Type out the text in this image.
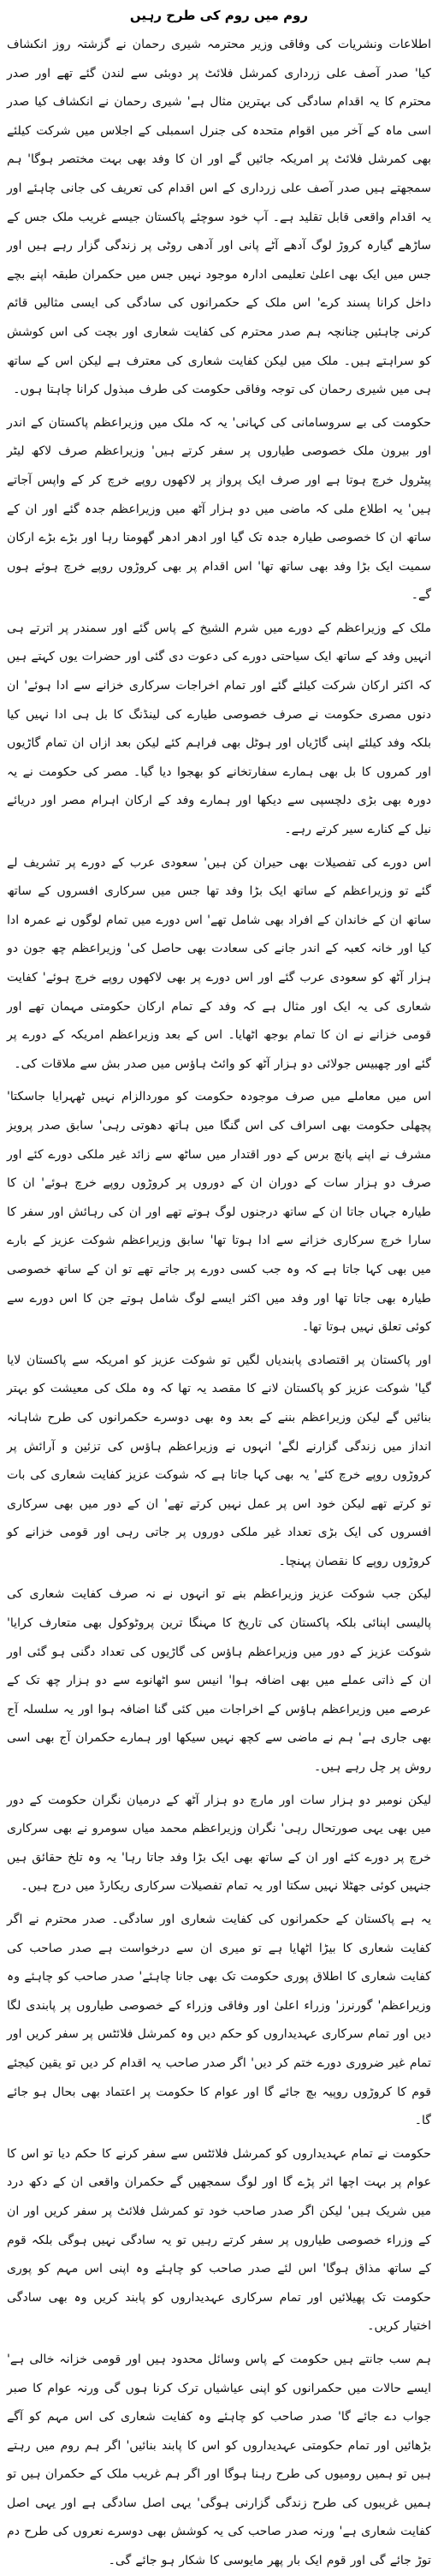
روم میں روم کی طرح رہیں

اطلاعات ونشریات کی وفاقی وزیر محترمہ شیری رحمان نے گزشتہ روز انکشاف کیا' صدر آصف علی زرداری کمرشل فلائٹ پر دوبئی سے لندن گئے تھے اور صدر محترم کا یہ اقدام سادگی کی بہترین مثال ہے' شیری رحمان نے انکشاف کیا صدر اسی ماہ کے آخر میں اقوام متحدہ کی جنرل اسمبلی کے اجلاس میں شرکت کیلئے بھی کمرشل فلائٹ پر امریکہ جائیں گے اور ان کا وفد بھی بہت مختصر ہوگا' ہم سمجھتے ہیں صدر آصف علی زرداری کے اس اقدام کی تعریف کی جانی چاہئے اور یہ اقدام واقعی قابل تقلید ہے۔ آپ خود سوچئے پاکستان جیسے غریب ملک جس کے ساڑھے گیارہ کروڑ لوگ آدھے آٹے پانی اور آدھی روٹی پر زندگی گزار رہے ہیں اور جس میں ایک بھی اعلیٰ تعلیمی ادارہ موجود نہیں جس میں حکمران طبقہ اپنے بچے داخل کرانا پسند کرے' اس ملک کے حکمرانوں کی سادگی کی ایسی مثالیں قائم کرنی چاہئیں چنانچہ ہم صدر محترم کی کفایت شعاری اور بچت کی اس کوشش کو سراہتے ہیں۔ ملک میں لیکن کفایت شعاری کی معترف ہے لیکن اس کے ساتھ ہی میں شیری رحمان کی توجہ وفاقی حکومت کی طرف مبذول کرانا چاہتا ہوں۔

حکومت کی بے سروسامانی کی کہانی' یہ کہ ملک میں وزیراعظم پاکستان کے اندر اور بیرون ملک خصوصی طیاروں پر سفر کرتے ہیں' وزیراعظم صرف لاکھ لیٹر پیٹرول خرچ ہوتا ہے اور صرف ایک پرواز پر لاکھوں روپے خرچ کر کے واپس آجاتے ہیں' یہ اطلاع ملی کہ ماضی میں دو ہزار آٹھ میں وزیراعظم جدہ گئے اور ان کے ساتھ ان کا خصوصی طیارہ جدہ تک گیا اور ادھر ادھر گھومتا رہا اور بڑے بڑے ارکان سمیت ایک بڑا وفد بھی ساتھ تھا' اس اقدام پر بھی کروڑوں روپے خرچ ہوئے ہوں گے۔

ملک کے وزیراعظم کے دورے میں شرم الشیخ کے پاس گئے اور سمندر پر اترتے ہی انہیں وفد کے ساتھ ایک سیاحتی دورے کی دعوت دی گئی اور حضرات یوں کہتے ہیں کہ اکثر ارکان شرکت کیلئے گئے اور تمام اخراجات سرکاری خزانے سے ادا ہوئے' ان دنوں مصری حکومت نے صرف خصوصی طیارے کی لینڈنگ کا بل ہی ادا نہیں کیا بلکہ وفد کیلئے اپنی گاڑیاں اور ہوٹل بھی فراہم کئے لیکن بعد ازاں ان تمام گاڑیوں اور کمروں کا بل بھی ہمارے سفارتخانے کو بھجوا دیا گیا۔ مصر کی حکومت نے یہ دورہ بھی بڑی دلچسپی سے دیکھا اور ہمارے وفد کے ارکان اہرام مصر اور دریائے نیل کے کنارے سیر کرتے رہے۔

اس دورے کی تفصیلات بھی حیران کن ہیں' سعودی عرب کے دورے پر تشریف لے گئے تو وزیراعظم کے ساتھ ایک بڑا وفد تھا جس میں سرکاری افسروں کے ساتھ ساتھ ان کے خاندان کے افراد بھی شامل تھے' اس دورے میں تمام لوگوں نے عمرہ ادا کیا اور خانہ کعبہ کے اندر جانے کی سعادت بھی حاصل کی' وزیراعظم چھ جون دو ہزار آٹھ کو سعودی عرب گئے اور اس دورے پر بھی لاکھوں روپے خرچ ہوئے' کفایت شعاری کی یہ ایک اور مثال ہے کہ وفد کے تمام ارکان حکومتی مہمان تھے اور قومی خزانے نے ان کا تمام بوجھ اٹھایا۔ اس کے بعد وزیراعظم امریکہ کے دورے پر گئے اور چھبیس جولائی دو ہزار آٹھ کو وائٹ ہاؤس میں صدر بش سے ملاقات کی۔

اس میں معاملے میں صرف موجودہ حکومت کو موردالزام نہیں ٹھہرایا جاسکتا' پچھلی حکومت بھی اسراف کی اس گنگا میں ہاتھ دھوتی رہی' سابق صدر پرویز مشرف نے اپنے پانچ برس کے دور اقتدار میں ساٹھ سے زائد غیر ملکی دورے کئے اور صرف دو ہزار سات کے دوران ان کے دوروں پر کروڑوں روپے خرچ ہوئے' ان کا طیارہ جہاں جاتا ان کے ساتھ درجنوں لوگ ہوتے تھے اور ان کی رہائش اور سفر کا سارا خرچ سرکاری خزانے سے ادا ہوتا تھا' سابق وزیراعظم شوکت عزیز کے بارے میں بھی کہا جاتا ہے کہ وہ جب کسی دورے پر جاتے تھے تو ان کے ساتھ خصوصی طیارہ بھی جاتا تھا اور وفد میں اکثر ایسے لوگ شامل ہوتے جن کا اس دورے سے کوئی تعلق نہیں ہوتا تھا۔

اور پاکستان پر اقتصادی پابندیاں لگیں تو شوکت عزیز کو امریکہ سے پاکستان لایا گیا' شوکت عزیز کو پاکستان لانے کا مقصد یہ تھا کہ وہ ملک کی معیشت کو بہتر بنائیں گے لیکن وزیراعظم بننے کے بعد وہ بھی دوسرے حکمرانوں کی طرح شاہانہ انداز میں زندگی گزارنے لگے' انہوں نے وزیراعظم ہاؤس کی تزئین و آرائش پر کروڑوں روپے خرچ کئے' یہ بھی کہا جاتا ہے کہ شوکت عزیز کفایت شعاری کی بات تو کرتے تھے لیکن خود اس پر عمل نہیں کرتے تھے' ان کے دور میں بھی سرکاری افسروں کی ایک بڑی تعداد غیر ملکی دوروں پر جاتی رہی اور قومی خزانے کو کروڑوں روپے کا نقصان پہنچا۔

لیکن جب شوکت عزیز وزیراعظم بنے تو انہوں نے نہ صرف کفایت شعاری کی پالیسی اپنائی بلکہ پاکستان کی تاریخ کا مہنگا ترین پروٹوکول بھی متعارف کرایا' شوکت عزیز کے دور میں وزیراعظم ہاؤس کی گاڑیوں کی تعداد دگنی ہو گئی اور ان کے ذاتی عملے میں بھی اضافہ ہوا' انیس سو اٹھانوے سے دو ہزار چھ تک کے عرصے میں وزیراعظم ہاؤس کے اخراجات میں کئی گنا اضافہ ہوا اور یہ سلسلہ آج بھی جاری ہے' ہم نے ماضی سے کچھ نہیں سیکھا اور ہمارے حکمران آج بھی اسی روش پر چل رہے ہیں۔

لیکن نومبر دو ہزار سات اور مارچ دو ہزار آٹھ کے درمیان نگران حکومت کے دور میں بھی یہی صورتحال رہی' نگران وزیراعظم محمد میاں سومرو نے بھی سرکاری خرچ پر دورے کئے اور ان کے ساتھ بھی ایک بڑا وفد جاتا رہا' یہ وہ تلخ حقائق ہیں جنہیں کوئی جھٹلا نہیں سکتا اور یہ تمام تفصیلات سرکاری ریکارڈ میں درج ہیں۔

یہ ہے پاکستان کے حکمرانوں کی کفایت شعاری اور سادگی۔ صدر محترم نے اگر کفایت شعاری کا بیڑا اٹھایا ہے تو میری ان سے درخواست ہے صدر صاحب کی کفایت شعاری کا اطلاق پوری حکومت تک بھی جانا چاہئے' صدر صاحب کو چاہئے وہ وزیراعظم' گورنرز' وزراء اعلیٰ اور وفاقی وزراء کے خصوصی طیاروں پر پابندی لگا دیں اور تمام سرکاری عہدیداروں کو حکم دیں وہ کمرشل فلائٹس پر سفر کریں اور تمام غیر ضروری دورے ختم کر دیں' اگر صدر صاحب یہ اقدام کر دیں تو یقین کیجئے قوم کا کروڑوں روپیہ بچ جائے گا اور عوام کا حکومت پر اعتماد بھی بحال ہو جائے گا۔

حکومت نے تمام عہدیداروں کو کمرشل فلائٹس سے سفر کرنے کا حکم دیا تو اس کا عوام پر بہت اچھا اثر پڑے گا اور لوگ سمجھیں گے حکمران واقعی ان کے دکھ درد میں شریک ہیں' لیکن اگر صدر صاحب خود تو کمرشل فلائٹ پر سفر کریں اور ان کے وزراء خصوصی طیاروں پر سفر کرتے رہیں تو یہ سادگی نہیں ہوگی بلکہ قوم کے ساتھ مذاق ہوگا' اس لئے صدر صاحب کو چاہئے وہ اپنی اس مہم کو پوری حکومت تک پھیلائیں اور تمام سرکاری عہدیداروں کو پابند کریں وہ بھی سادگی اختیار کریں۔

ہم سب جانتے ہیں حکومت کے پاس وسائل محدود ہیں اور قومی خزانہ خالی ہے' ایسے حالات میں حکمرانوں کو اپنی عیاشیاں ترک کرنا ہوں گی ورنہ عوام کا صبر جواب دے جائے گا' صدر صاحب کو چاہئے وہ کفایت شعاری کی اس مہم کو آگے بڑھائیں اور تمام حکومتی عہدیداروں کو اس کا پابند بنائیں' اگر ہم روم میں رہتے ہیں تو ہمیں رومیوں کی طرح رہنا ہوگا اور اگر ہم غریب ملک کے حکمران ہیں تو ہمیں غریبوں کی طرح زندگی گزارنی ہوگی' یہی اصل سادگی ہے اور یہی اصل کفایت شعاری ہے' ورنہ صدر صاحب کی یہ کوشش بھی دوسرے نعروں کی طرح دم توڑ جائے گی اور قوم ایک بار پھر مایوسی کا شکار ہو جائے گی۔
